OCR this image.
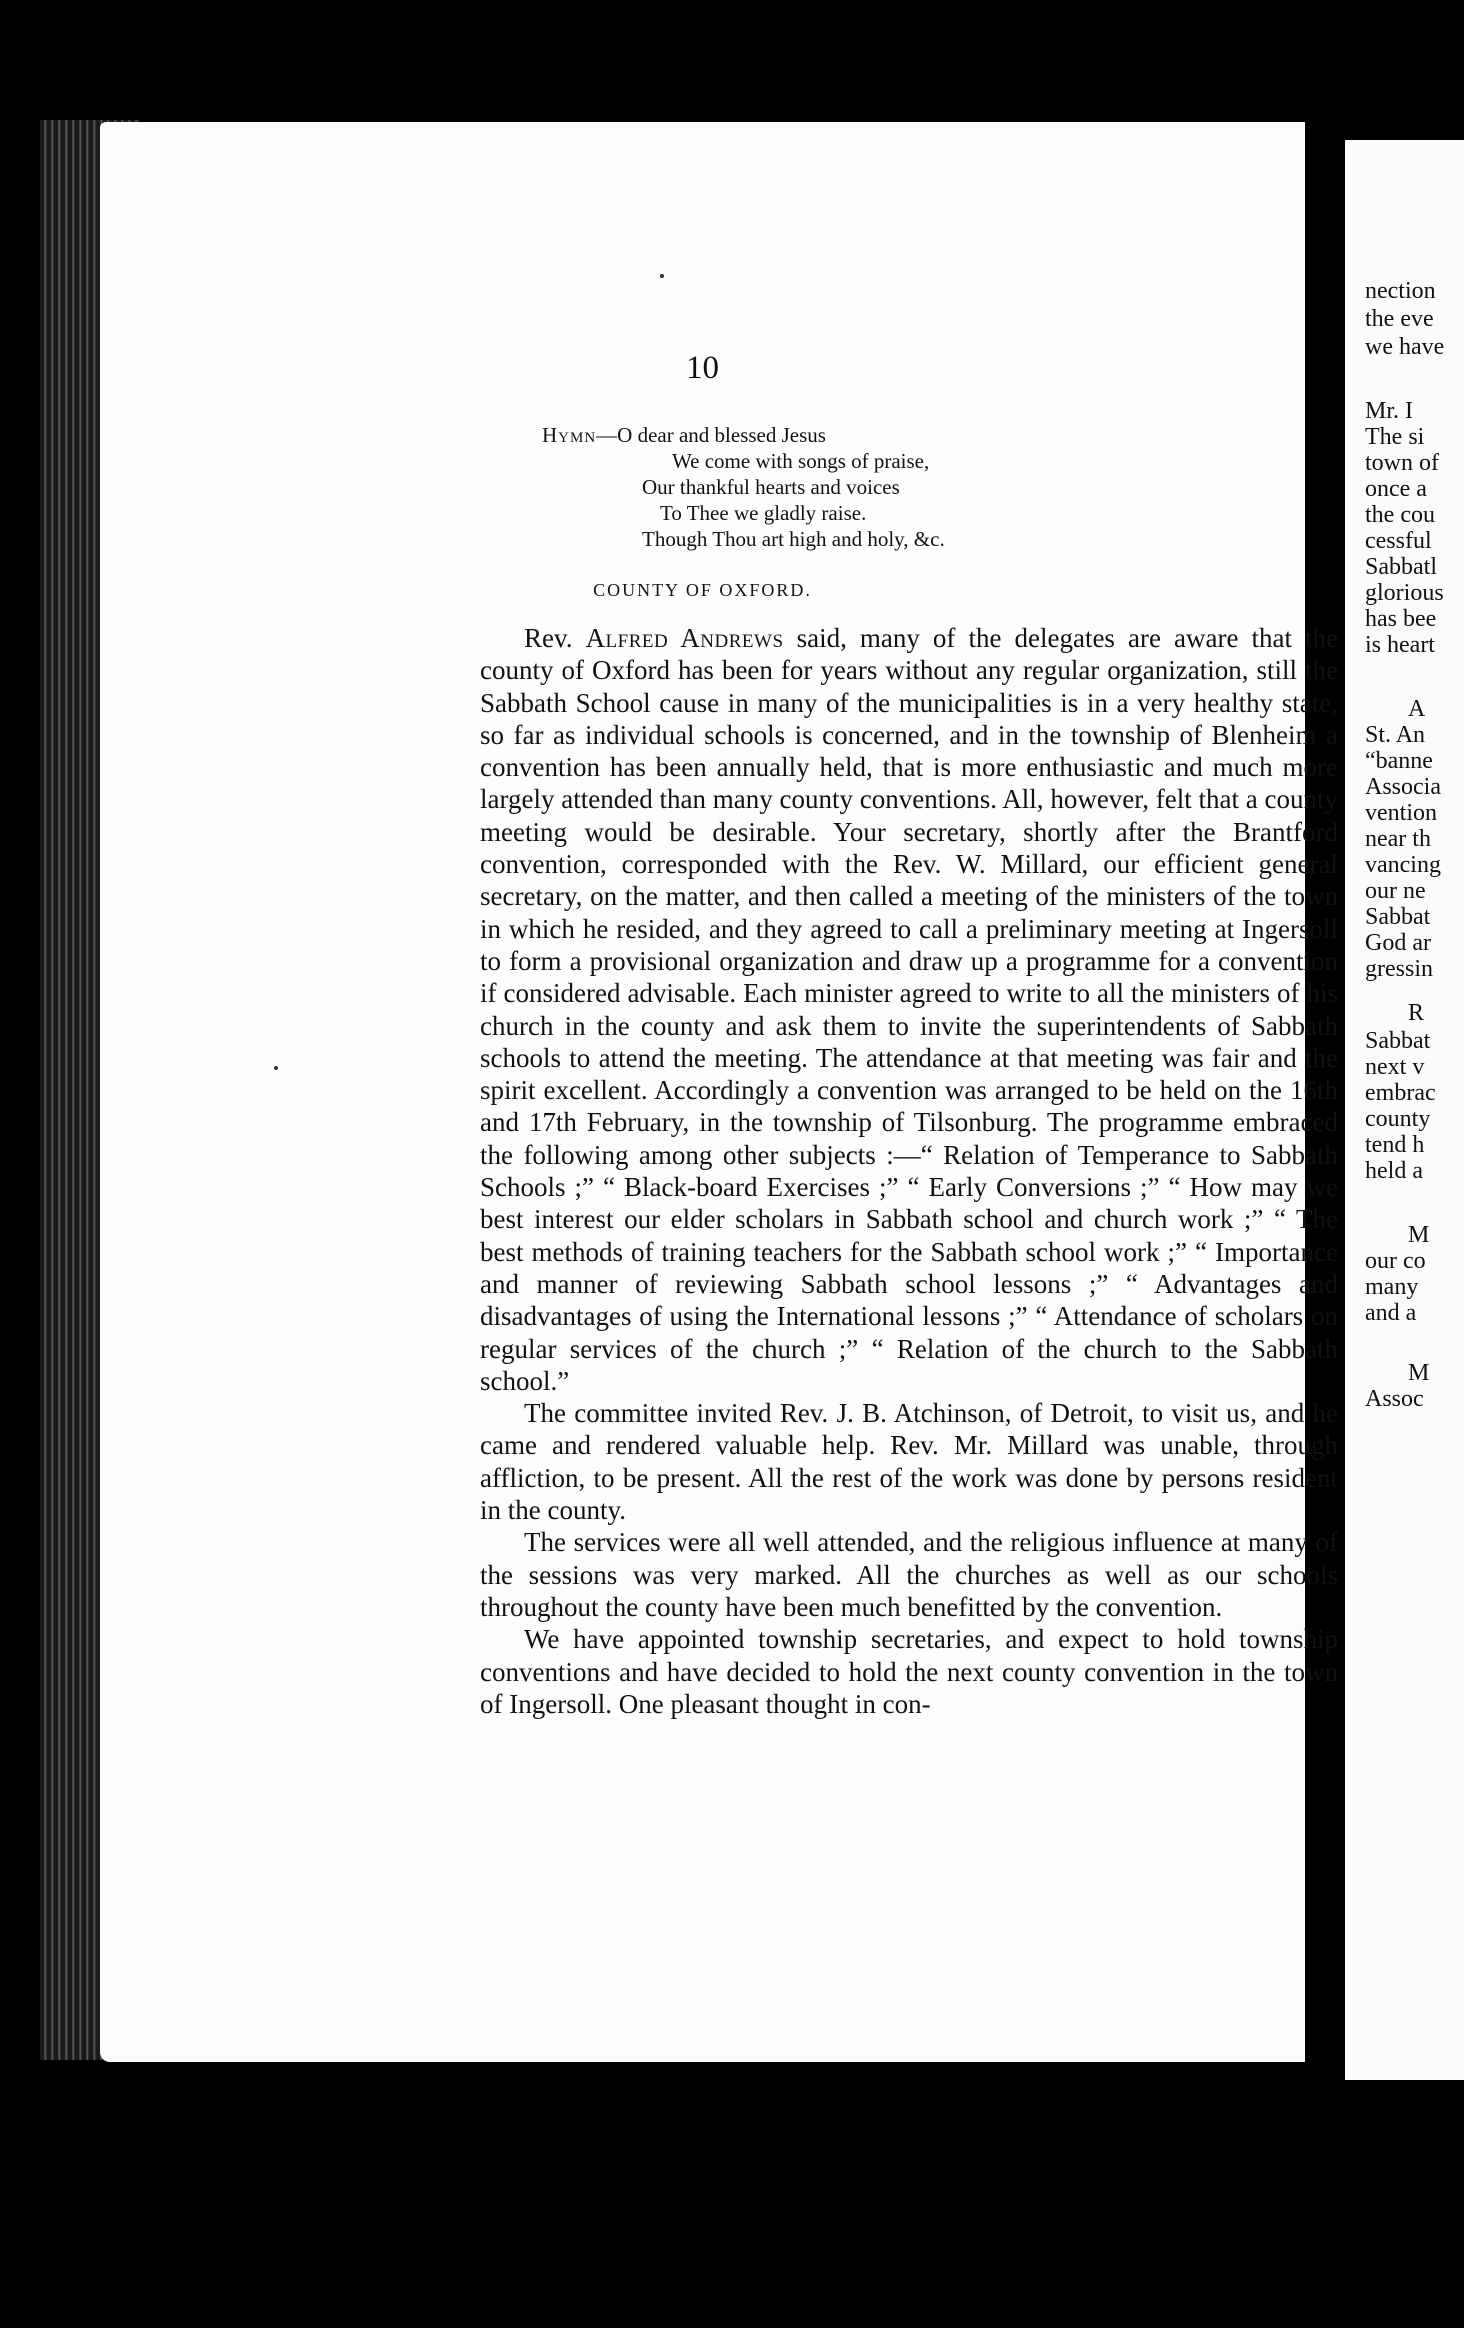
10
Hymn—O dear and blessed Jesus
We come with songs of praise,
Our thankful hearts and voices
To Thee we gladly raise.
Though Thou art high and holy, &c.
COUNTY OF OXFORD.

Rev. Alfred Andrews said, many of the delegates are aware that the county of Oxford has been for years without any regular organization, still the Sabbath School cause in many of the municipalities is in a very healthy state, so far as individual schools is concerned, and in the township of Blenheim a convention has been annually held, that is more enthusiastic and much more largely attended than many county conventions. All, however, felt that a county meeting would be desirable. Your secretary, shortly after the Brantford convention, corresponded with the Rev. W. Millard, our efficient general secretary, on the matter, and then called a meeting of the ministers of the town in which he resided, and they agreed to call a preliminary meeting at Ingersoll to form a provisional organization and draw up a programme for a convention if considered advisable. Each minister agreed to write to all the ministers of his church in the county and ask them to invite the superintendents of Sabbath schools to attend the meeting. The attendance at that meeting was fair and the spirit excellent. Accordingly a convention was arranged to be held on the 16th and 17th February, in the township of Tilsonburg. The programme embraced the following among other subjects :—“ Relation of Temperance to Sabbath Schools ;” “ Black-board Exercises ;” “ Early Conversions ;” “ How may we best interest our elder scholars in Sabbath school and church work ;” “ The best methods of training teachers for the Sabbath school work ;” “ Importance and manner of reviewing Sabbath school lessons ;” “ Advantages and disadvantages of using the International lessons ;” “ Attendance of scholars on regular services of the church ;” “ Relation of the church to the Sabbath school.”

The committee invited Rev. J. B. Atchinson, of Detroit, to visit us, and he came and rendered valuable help. Rev. Mr. Millard was unable, through affliction, to be present. All the rest of the work was done by persons resident in the county.

The services were all well attended, and the religious influence at many of the sessions was very marked. All the churches as well as our schools throughout the county have been much benefitted by the convention.

We have appointed township secretaries, and expect to hold township conventions and have decided to hold the next county convention in the town of Ingersoll. One pleasant thought in con-

nection
the eve
we have
Mr. I
The si
town of
once a
the cou
cessful
Sabbatl
glorious
has bee
is heart
A
St. An
“banne
Associa
vention
near th
vancing
our ne
Sabbat
God ar
gressin
R
Sabbat
next v
embrac
county
tend h
held a
M
our co
many
and a
M
Assoc
